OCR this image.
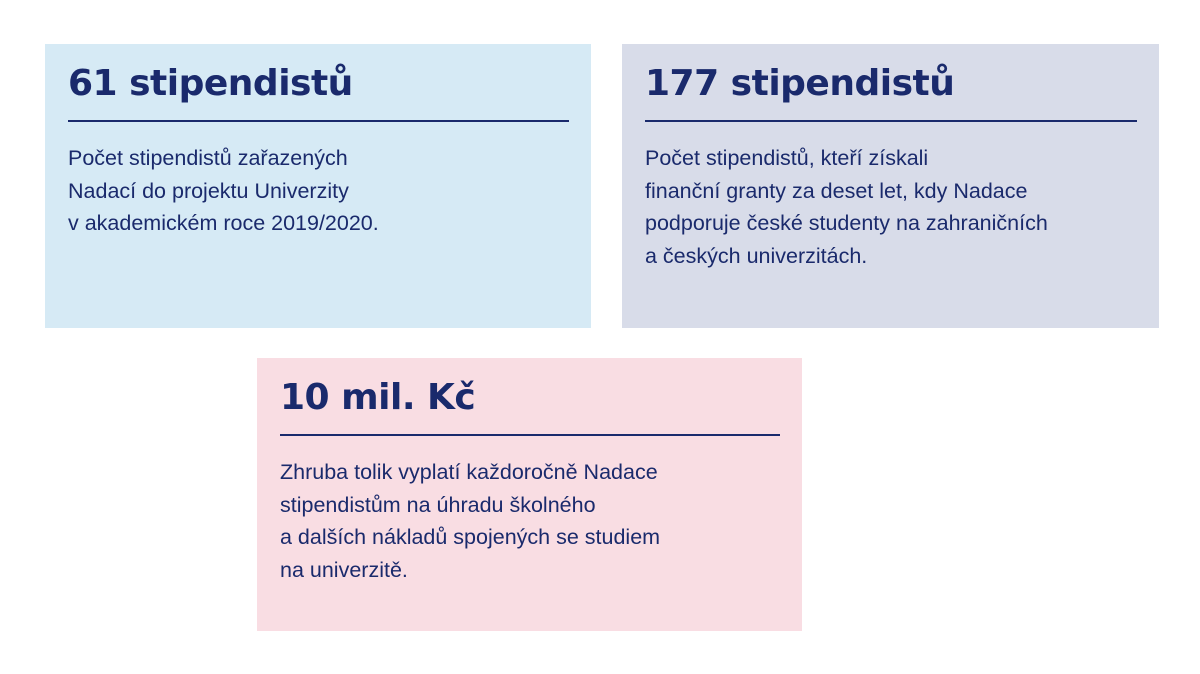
61 stipendistů
Počet stipendistů zařazených
Nadací do projektu Univerzity
v akademickém roce 2019/2020.
177 stipendistů
Počet stipendistů, kteří získali
finanční granty za deset let, kdy Nadace
podporuje české studenty na zahraničních
a českých univerzitách.
10 mil. Kč
Zhruba tolik vyplatí každoročně Nadace
stipendistům na úhradu školného
a dalších nákladů spojených se studiem
na univerzitě.
